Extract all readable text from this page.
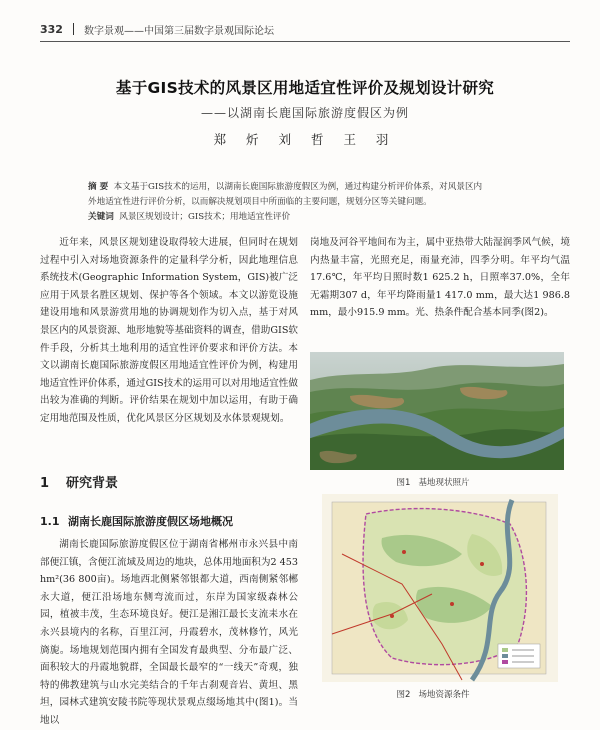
332 数字景观——中国第三届数字景观国际论坛
基于GIS技术的风景区用地适宜性评价及规划设计研究
——以湖南长鹿国际旅游度假区为例
郑 炘 刘 哲 王 羽
摘 要 本文基于GIS技术的运用，以湖南长鹿国际旅游度假区为例，通过构建分析评价体系，对风景区内外地适宜性进行评价分析，以而解决规划项目中所面临的主要问题，规划分区等关键问题。
关键词 风景区规划设计；GIS技术；用地适宜性评价

近年来，风景区规划建设取得较大进展，但同时在规划过程中引入对场地资源条件的定量科学分析，因此地理信息系统技术(Geographic Information System，GIS)被广泛应用于风景名胜区规划、保护等各个领域。本文以游览设施建设用地和风景游赏用地的协调规划作为切入点，基于对风景区内的风景资源、地形地貌等基础资料的调查，借助GIS软件手段，分析其土地利用的适宜性评价要求和评价方法。本文以湖南长鹿国际旅游度假区用地适宜性评价为例，构建用地适宜性评价体系，通过GIS技术的运用可以对用地适宜性做出较为准确的判断。评价结果在规划中加以运用，有助于确定用地范围及性质，优化风景区分区规划及水体景观规划。

1 研究背景
1.1 湖南长鹿国际旅游度假区场地概况

湖南长鹿国际旅游度假区位于湖南省郴州市永兴县中南部便江镇，含便江流域及周边的地块，总体用地面积为2 453 hm²(36 800亩)。场地西北侧紧邻银都大道，西南侧紧邻郴永大道，便江沿场地东侧弯流而过，东岸为国家级森林公园，植被丰茂，生态环境良好。便江是湘江最长支流耒水在永兴县境内的名称，百里江河，丹霞碧水，茂林修竹，风光旖旎。场地规划范围内拥有全国发育最典型、分布最广泛、面积较大的丹霞地貌群，全国最长最窄的“一线天”奇观，独特的佛教建筑与山水完美结合的千年古刹观音岩、黄坦、黑坦，园林式建筑安陵书院等现状景观点缀场地其中(图1)。当地以

岗地及河谷平地间布为主，属中亚热带大陆湿润季风气候，境内热量丰富，光照充足，雨量充沛，四季分明。年平均气温17.6℃，年平均日照时数1 625.2 h，日照率37.0%，全年无霜期307 d，年平均降雨量1 417.0 mm，最大达1 986.8 mm，最小915.9 mm。光、热条件配合基本同季(图2)。
图1 基地现状照片
图2 场地资源条件
